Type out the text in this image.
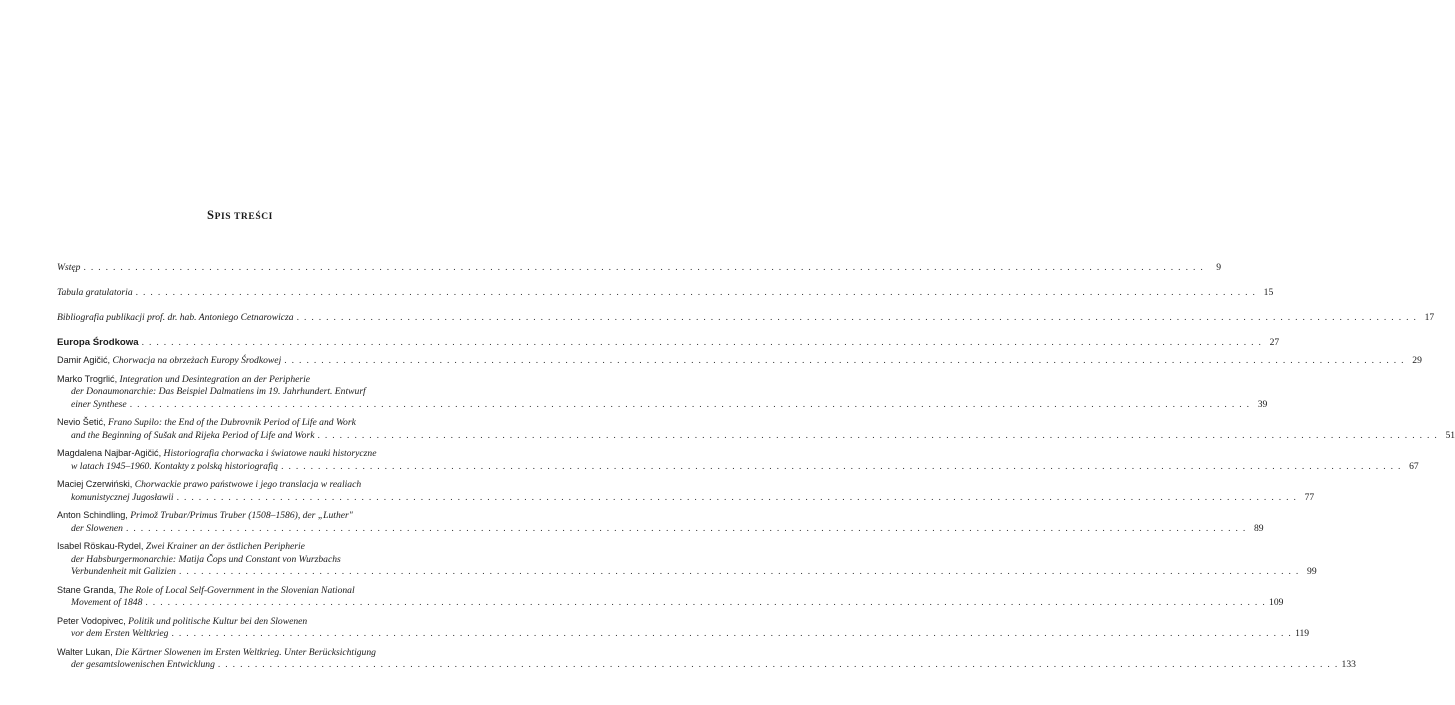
SPIS TREŚCI
Wstęp . . .	9
Tabula gratulatoria . . .	15
Bibliografia publikacji prof. dr. hab. Antoniego Cetnarowicza . . .	17
Europa Środkowa . . .	27
Damir Agičić, Chorwacja na obrzeżach Europy Środkowej . . .	29
Marko Trogrlić, Integration und Desintegration an der Peripherie
der Donaumonarchie: Das Beispiel Dalmatiens im 19. Jahrhundert. Entwurf
einer Synthese . . .	39
Nevio Šetić, Frano Supilo: the End of the Dubrovnik Period of Life and Work
and the Beginning of Sušak and Rijeka Period of Life and Work . . .	51
Magdalena Najbar-Agičić, Historiografia chorwacka i światowe nauki historyczne
w latach 1945–1960. Kontakty z polską historiografią . . .	67
Maciej Czerwiński, Chorwackie prawo państwowe i jego translacja w realiach
komunistycznej Jugosławii . . .	77
Anton Schindling, Primož Trubar/Primus Truber (1508–1586), der „Luther"
der Slowenen . . .	89
Isabel Röskau-Rydel, Zwei Krainer an der östlichen Peripherie
der Habsburgermonarchie: Matija Čops und Constant von Wurzbachs
Verbundenheit mit Galizien . . .	99
Stane Granda, The Role of Local Self-Government in the Slovenian National
Movement of 1848 . . .	109
Peter Vodopivec, Politik und politische Kultur bei den Slowenen
vor dem Ersten Weltkrieg . . .	119
Walter Lukan, Die Kärtner Slowenen im Ersten Weltkrieg. Unter Berücksichtigung
der gesamtslowenischen Entwicklung . . .	133
